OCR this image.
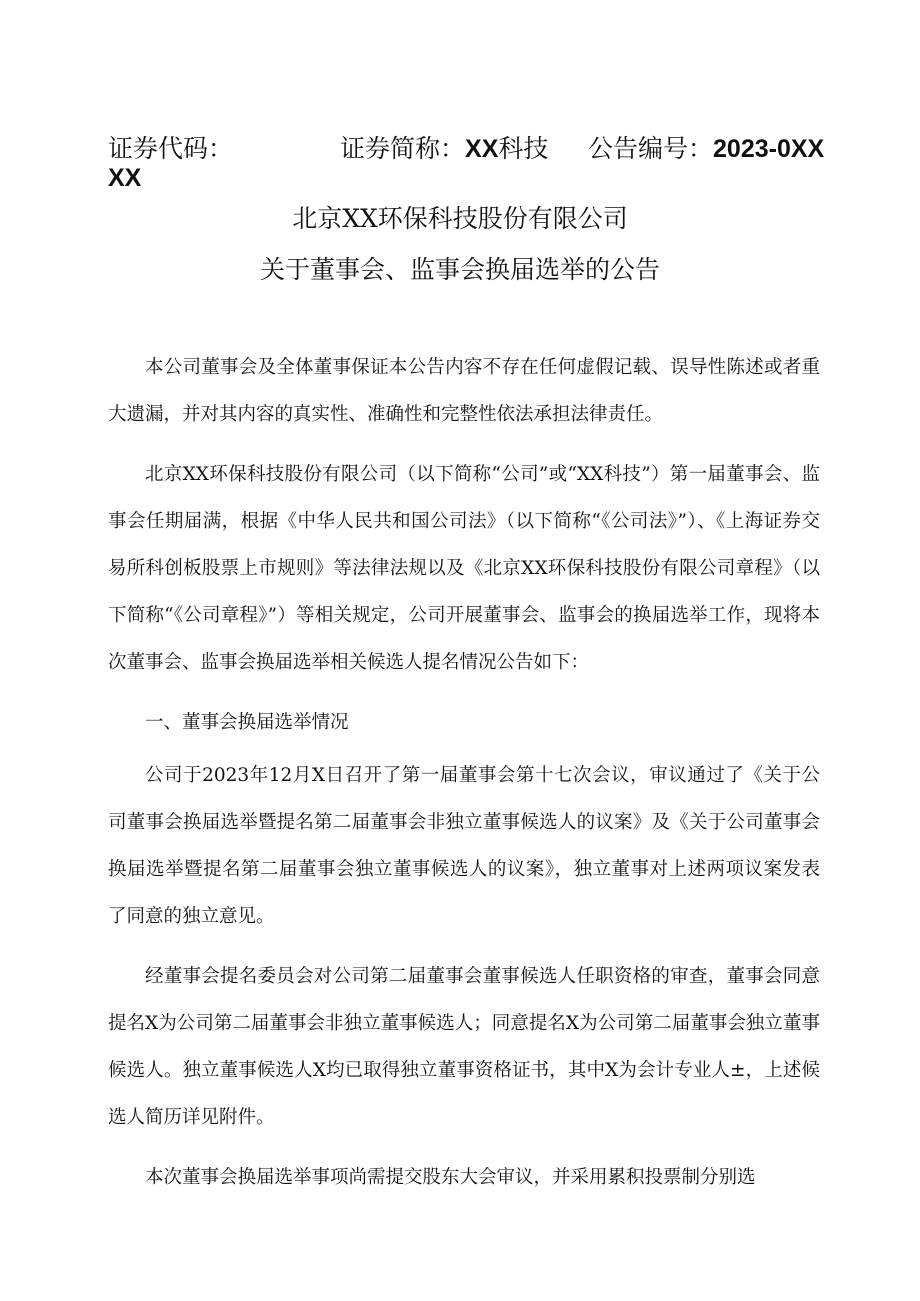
证券代码：	证券简称：XX科技 公告编号：2023-0XX
XX
北京XX环保科技股份有限公司
关于董事会、监事会换届选举的公告

本公司董事会及全体董事保证本公告内容不存在任何虚假记载、误导性陈述或者重大遗漏，并对其内容的真实性、准确性和完整性依法承担法律责任。

北京XX环保科技股份有限公司（以下简称“公司”或“XX科技”）第一届董事会、监事会任期届满，根据《中华人民共和国公司法》（以下简称“《公司法》”）、《上海证券交易所科创板股票上市规则》等法律法规以及《北京XX环保科技股份有限公司章程》（以下简称“《公司章程》”）等相关规定，公司开展董事会、监事会的换届选举工作，现将本次董事会、监事会换届选举相关候选人提名情况公告如下：

一、董事会换届选举情况

公司于2023年12月X日召开了第一届董事会第十七次会议，审议通过了《关于公司董事会换届选举暨提名第二届董事会非独立董事候选人的议案》及《关于公司董事会换届选举暨提名第二届董事会独立董事候选人的议案》，独立董事对上述两项议案发表了同意的独立意见。

经董事会提名委员会对公司第二届董事会董事候选人任职资格的审查，董事会同意提名X为公司第二届董事会非独立董事候选人；同意提名X为公司第二届董事会独立董事候选人。独立董事候选人X均已取得独立董事资格证书，其中X为会计专业人±，上述候选人简历详见附件。

本次董事会换届选举事项尚需提交股东大会审议，并采用累积投票制分别选
